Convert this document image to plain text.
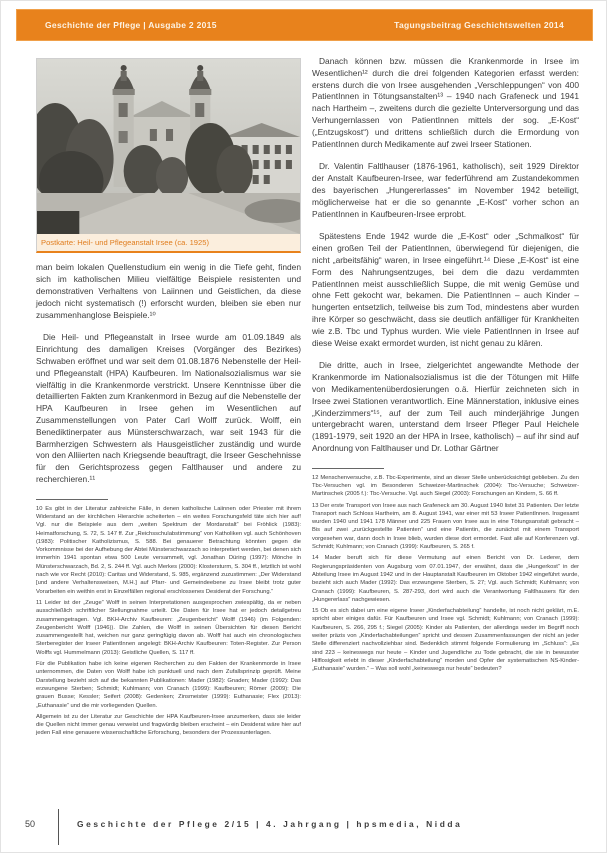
Geschichte der Pflege | Ausgabe 2 2015	Tagungsbeitrag Geschichtswelten 2014
Postkarte: Heil- und Pflegeanstalt Irsee (ca. 1925)

man beim lokalen Quellenstudium ein wenig in die Tiefe geht, finden sich im katholischen Milieu vielfältige Beispiele resistenten und demonstrativen Verhaltens von Laiinnen und Geistlichen, da diese jedoch nicht systematisch (!) erforscht wurden, bleiben sie eben nur zusammenhanglose Beispiele.¹⁰

Die Heil- und Pflegeanstalt in Irsee wurde am 01.09.1849 als Einrichtung des damaligen Kreises (Vorgänger des Bezirkes) Schwaben eröffnet und war seit dem 01.08.1876 Nebenstelle der Heil- und Pflegeanstalt (HPA) Kaufbeuren. Im Nationalsozialismus war sie vielfältig in die Krankenmorde verstrickt. Unsere Kenntnisse über die detaillierten Fakten zum Krankenmord in Bezug auf die Nebenstelle der HPA Kaufbeuren in Irsee gehen im Wesentlichen auf Zusammenstellungen von Pater Carl Wolff zurück. Wolff, ein Benediktinerpater aus Münsterschwarzach, war seit 1943 für die Barmherzigen Schwestern als Hausgeistlicher zuständig und wurde von den Alliierten nach Kriegsende beauftragt, die Irseer Geschehnisse für den Gerichtsprozess gegen Faltlhauser und andere zu recherchieren.¹¹

10 Es gibt in der Literatur zahlreiche Fälle, in denen katholische Laiinnen oder Priester mit ihrem Widerstand an der kirchlichen Hierarchie scheiterten – ein weites Forschungsfeld täte sich hier auf! Vgl. nur die Beispiele aus dem „weiten Spektrum der Mordanstalt“ bei Fröhlick (1983): Heimatforschung, S. 72, S. 147 ff. Zur „Reichsschulabstimmung“ von Katholiken vgl. auch Schönhoven (1983): Politischer Katholizismus, S. 588. Bei genauerer Betrachtung könnten gegen die Vorkommnisse bei der Aufhebung der Abtei Münsterschwarzach so interpretiert werden, bei denen sich immerhin 1941 spontan etwa 500 Leute versammelt, vgl. Jonathan Düring (1997): Mönche in Münsterschwarzach, Bd. 2, S. 244 ff. Vgl. auch Merkes (2000): Klostersturm, S. 304 ff., letztlich ist wohl nach wie vor Recht (2010): Caritas und Widerstand, S. 985, ergänzend zuzustimmen: „Der Widerstand [und andere Verhaltensweisen, M.H.] auf Pfarr- und Gemeindeebene zu Irsee bleibt trotz guter Vorarbeiten ein weithin erst in Einzelfällen regional erschlossenes Desiderat der Forschung.“

11 Leider ist der „Zeuge“ Wolff in seinen Interpretationen ausgesprochen zwiespältig, da er neben ausschließlich schriftlicher Stellungnahme urteilt. Die Daten für Irsee hat er jedoch detailgetreu zusammengetragen. Vgl. BKH-Archiv Kaufbeuren: „Zeugenbericht“ Wolff (1946) (im Folgenden: Zeugenbericht Wolff (1946)). Die Zahlen, die Wolff in seinen Übersichten für diesen Bericht zusammengestellt hat, weichen nur ganz geringfügig davon ab. Wolff hat auch ein chronologisches Sterberegister der Irseer PatientInnen angelegt: BKH-Archiv Kaufbeuren: Toten-Register. Zur Person Wolffs vgl. Hummelmann (2013): Geistliche Quellen, S. 117 ff.

Für die Publikation habe ich keine eigenen Recherchen zu den Fakten der Krankenmorde in Irsee unternommen, die Daten von Wolff habe ich punktuell und nach dem Zufallsprinzip geprüft. Meine Darstellung bezieht sich auf die bekannten Publikationen: Mader (1982): Gnaden; Mader (1992): Das erzwungene Sterben; Schmidt; Kuhlmann; von Cranach (1999): Kaufbeuren; Römer (2009): Die grauen Busse; Kessler; Seifert (2008): Gedenken; Zinsmeister (1999): Euthanasie; Flex (2013): „Euthanasie“ und die mir vorliegenden Quellen.

Allgemein ist zu der Literatur zur Geschichte der HPA Kaufbeuren-Irsee anzumerken, dass sie leider die Quellen nicht immer genau verweist und fragwürdig bleiben erscheint – ein Desiderat wäre hier auf jeden Fall eine genauere wissenschaftliche Erforschung, besonders der Prozessunterlagen.

Danach können bzw. müssen die Krankenmorde in Irsee im Wesentlichen¹² durch die drei folgenden Kategorien erfasst werden: erstens durch die von Irsee ausgehenden „Verschleppungen“ von 400 PatientInnen in Tötungsanstalten¹³ – 1940 nach Grafeneck und 1941 nach Hartheim –, zweitens durch die gezielte Unterversorgung und das Verhungernlassen von PatientInnen mittels der sog. „E-Kost“ („Entzugskost“) und drittens schließlich durch die Ermordung von PatientInnen durch Medikamente auf zwei Irseer Stationen.

Dr. Valentin Faltlhauser (1876-1961, katholisch), seit 1929 Direktor der Anstalt Kaufbeuren-Irsee, war federführend am Zustandekommen des bayerischen „Hungererlasses“ im November 1942 beteiligt, möglicherweise hat er die so genannte „E-Kost“ vorher schon an PatientInnen in Kaufbeuren-Irsee erprobt.

Spätestens Ende 1942 wurde die „E-Kost“ oder „Schmalkost“ für einen großen Teil der PatientInnen, überwiegend für diejenigen, die nicht „arbeitsfähig“ waren, in Irsee eingeführt.¹⁴ Diese „E-Kost“ ist eine Form des Nahrungsentzuges, bei dem die dazu verdammten PatientInnen meist ausschließlich Suppe, die mit wenig Gemüse und ohne Fett gekocht war, bekamen. Die PatientInnen – auch Kinder – hungerten entsetzlich, teilweise bis zum Tod, mindestens aber wurden ihre Körper so geschwächt, dass sie deutlich anfälliger für Krankheiten wie z.B. Tbc und Typhus wurden. Wie viele PatientInnen in Irsee auf diese Weise exakt ermordet wurden, ist nicht genau zu klären.

Die dritte, auch in Irsee, zielgerichtet angewandte Methode der Krankenmorde im Nationalsozialismus ist die der Tötungen mit Hilfe von Medikamentenüberdosierungen o.ä. Hierfür zeichneten sich in Irsee zwei Stationen verantwortlich. Eine Männerstation, inklusive eines „Kinderzimmers“¹⁵, auf der zum Teil auch minderjährige Jungen untergebracht waren, unterstand dem Irseer Pfleger Paul Heichele (1891-1979, seit 1920 an der HPA in Irsee, katholisch) – auf ihr sind auf Anordnung von Faltlhauser und Dr. Lothar Gärtner

12 Menschenversuche, z.B. Tbc-Experimente, sind an dieser Stelle unberücksichtigt geblieben. Zu den Tbc-Versuchen vgl. im Besonderen Schweizer-Martinschek (2004): Tbc-Versuche; Schweizer-Martinschek (2005 f.): Tbc-Versuche. Vgl. auch Siegel (2003): Forschungen an Kindern, S. 66 ff.

13 Der erste Transport von Irsee aus nach Grafeneck am 30. August 1940 listet 31 Patienten. Der letzte Transport nach Schloss Hartheim, am 8. August 1941, war einer mit 53 Irseer PatientInnen. Insgesamt wurden 1940 und 1941 178 Männer und 225 Frauen von Irsee aus in eine Tötungsanstalt gebracht – Bis auf zwei „zurückgestellte Patienten“ und eine Patientin, die zunächst mit einem Transport vorgesehen war, dann doch in Irsee blieb, wurden diese dort ermordet. Fast alle auf Konferenzen vgl. Schmidt; Kuhlmann; von Cranach (1999): Kaufbeuren, S. 265 f.

14 Mader beruft sich für diese Vermutung auf einen Bericht von Dr. Lederer, dem Regierungspräsidenten von Augsburg vom 07.01.1947, der erwähnt, dass die „Hungerkost“ in der Abteilung Irsee im August 1942 und in der Hauptanstalt Kaufbeuren im Oktober 1942 eingeführt wurde, bezieht sich auch Mader (1992): Das erzwungene Sterben, S. 27; Vgl. auch Schmidt; Kuhlmann; von Cranach (1999): Kaufbeuren, S. 287-293, dort wird auch die Verantwortung Faltlhausers für den „Hungererlass“ nachgewiesen.

15 Ob es sich dabei um eine eigene Irseer „Kinderfachabteilung“ handelte, ist noch nicht geklärt, m.E. spricht aber einiges dafür. Für Kaufbeuren und Irsee vgl. Schmidt; Kuhlmann; von Cranach (1999): Kaufbeuren, S. 266, 295 f.; Siegel (2005): Kinder als Patienten, der allerdings weder im Begriff noch weiter präzis von „Kinderfachabteilungen“ spricht und dessen Zusammenfassungen der nicht an jeder Stelle differenziert nachvollziehbar sind. Bedenklich stimmt folgende Formulierung im „Schluss“: „Es sind 223 – keineswegs nur heute – Kinder und Jugendliche zu Tode gebracht, die sie in bewusster Hilflosigkeit erlebt in dieser „Kinderfachabteilung“ morden und Opfer der systematischen NS-Kinder-„Euthanasie“ wurden.“ – Was soll wohl „keineswegs nur heute“ bedeuten?

50	Geschichte der Pflege 2/15 | 4. Jahrgang | hpsmedia, Nidda
